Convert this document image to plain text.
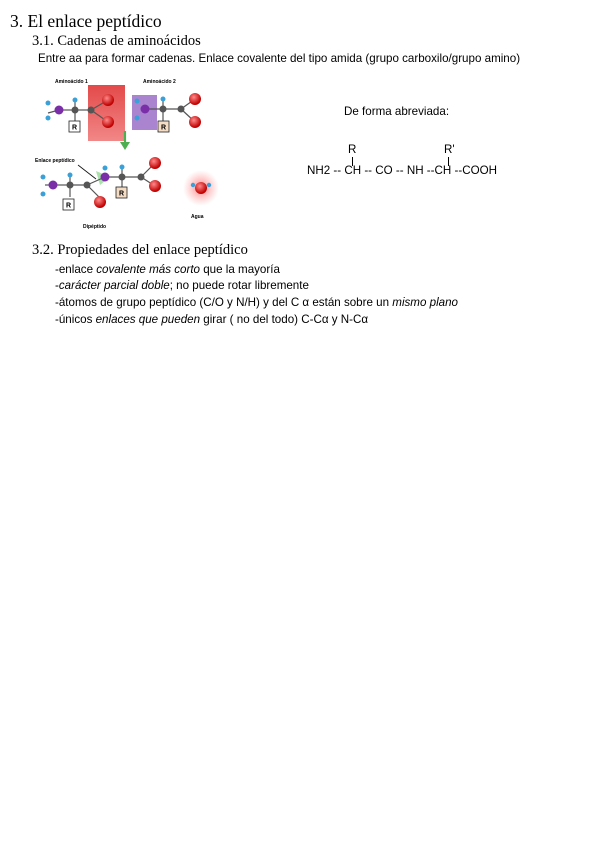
3. El enlace peptídico
3.1. Cadenas de aminoácidos
Entre aa para formar cadenas. Enlace covalente del tipo amida (grupo carboxilo/grupo amino)
Aminoácido 1	Aminoácido 2
R	R
Enlace peptídico
R
R
Dipéptido
Agua
De forma abreviada:
R	R'
NH2 -- CH -- CO -- NH --CH --COOH
3.2. Propiedades del enlace peptídico
-enlace covalente más corto que la mayoría
-carácter parcial doble; no puede rotar libremente
-átomos de grupo peptídico (C/O y N/H) y del C α están sobre un mismo plano
-únicos enlaces que pueden girar ( no del todo) C-Cα y N-Cα
